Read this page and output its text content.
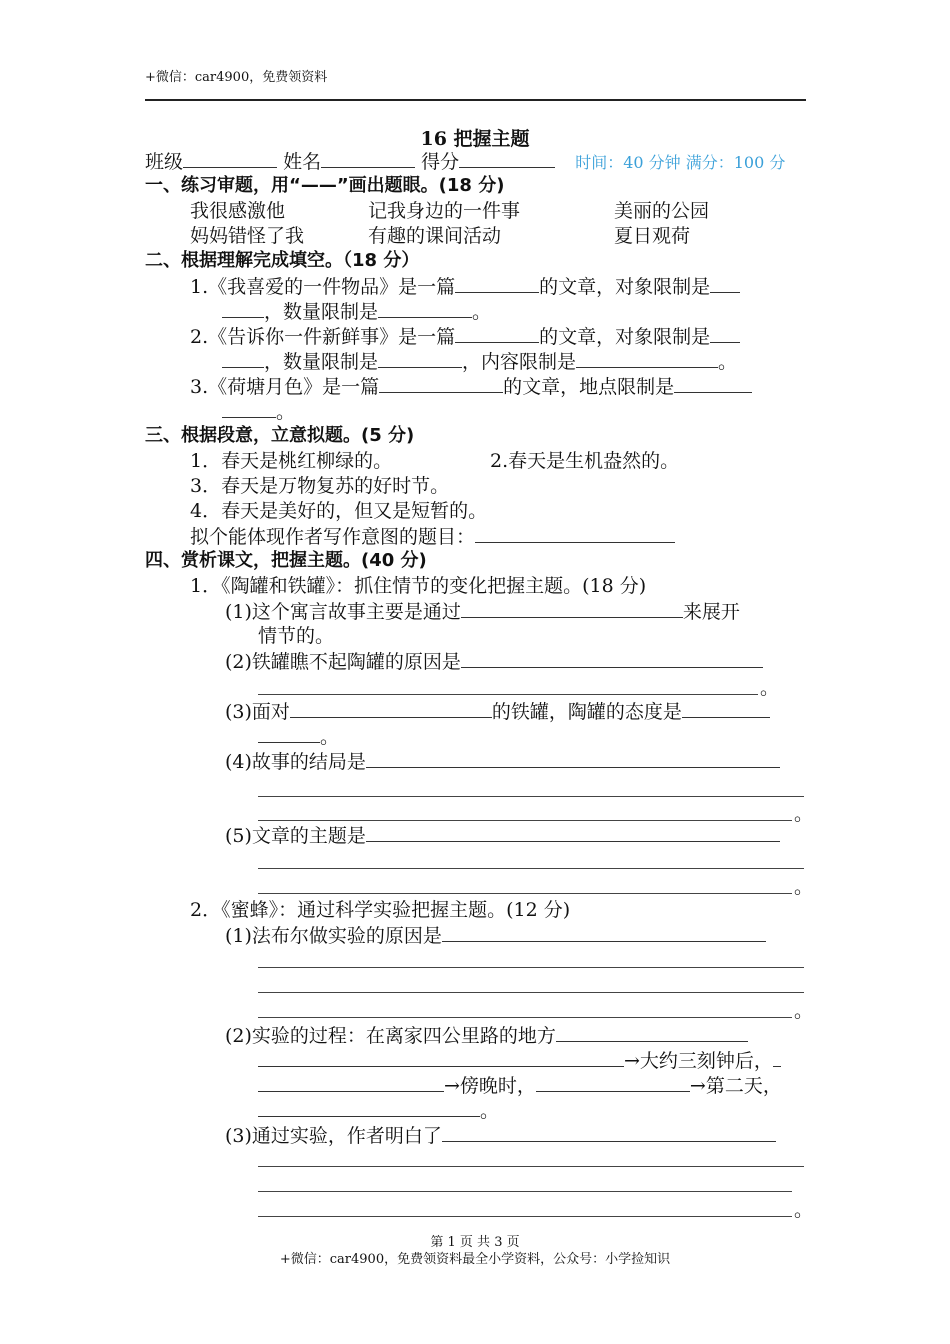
+微信：car4900，免费领资料
16 把握主题
班级	姓名	得分	时间：40 分钟 满分：100 分
一、练习审题，用“——”画出题眼。(18 分)
我很感激他	记我身边的一件事	美丽的公园
妈妈错怪了我	有趣的课间活动	夏日观荷
二、根据理解完成填空。（18 分）
1.《我喜爱的一件物品》是一篇	的文章，对象限制是
，数量限制是	。
2.《告诉你一件新鲜事》是一篇	的文章，对象限制是
，数量限制是	，内容限制是	。
3.《荷塘月色》是一篇	的文章，地点限制是
。
三、根据段意，立意拟题。(5 分)
1．春天是桃红柳绿的。	2.春天是生机盎然的。
3．春天是万物复苏的好时节。
4．春天是美好的，但又是短暂的。
拟个能体现作者写作意图的题目：
四、赏析课文，把握主题。(40 分)
1．《陶罐和铁罐》：抓住情节的变化把握主题。(18 分)
(1)这个寓言故事主要是通过	来展开
情节的。
(2)铁罐瞧不起陶罐的原因是
。
(3)面对	的铁罐，陶罐的态度是
。
(4)故事的结局是
。
(5)文章的主题是
。
2．《蜜蜂》：通过科学实验把握主题。(12 分)
(1)法布尔做实验的原因是
。
(2)实验的过程：在离家四公里路的地方
→大约三刻钟后，
→傍晚时，	→第二天，
。
(3)通过实验，作者明白了
。
第 1 页 共 3 页
+微信：car4900，免费领资料最全小学资料，公众号：小学捡知识
